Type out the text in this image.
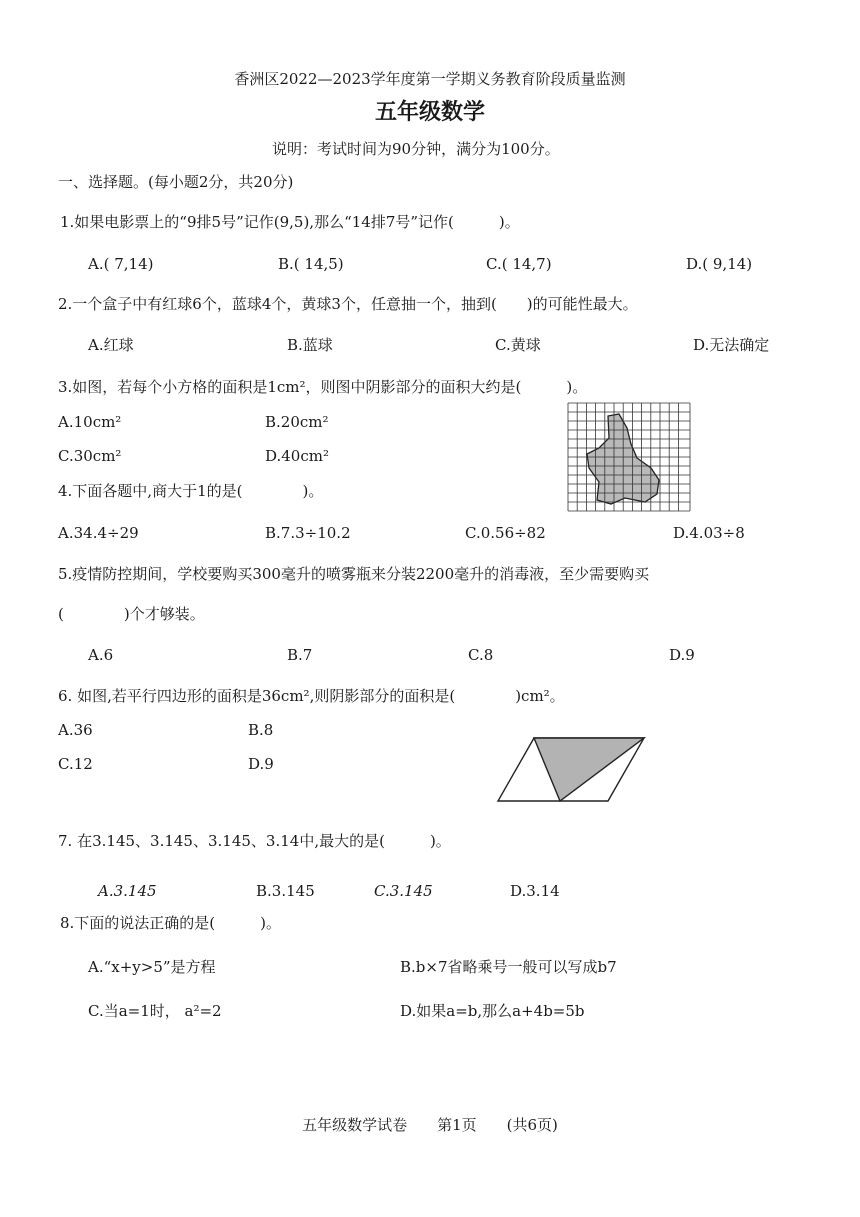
香洲区2022—2023学年度第一学期义务教育阶段质量监测
五年级数学
说明：考试时间为90分钟，满分为100分。
一、选择题。(每小题2分，共20分)
1.如果电影票上的“9排5号”记作(9,5),那么“14排7号”记作(　　　)。
A.( 7,14)	B.( 14,5)	C.( 14,7)	D.( 9,14)
2.一个盒子中有红球6个，蓝球4个，黄球3个，任意抽一个，抽到(　　)的可能性最大。
A.红球	B.蓝球	C.黄球	D.无法确定
3.如图，若每个小方格的面积是1cm²，则图中阴影部分的面积大约是(　　　)。
A.10cm²	B.20cm²
C.30cm²	D.40cm²
4.下面各题中,商大于1的是(　　　　)。
A.34.4÷29	B.7.3÷10.2	C.0.56÷82	D.4.03÷8
5.疫情防控期间，学校要购买300毫升的喷雾瓶来分装2200毫升的消毒液，至少需要购买
(　　　　)个才够装。
A.6	B.7	C.8	D.9
6. 如图,若平行四边形的面积是36cm²,则阴影部分的面积是(　　　　)cm²。
A.36	B.8
C.12	D.9
7. 在3.145、3.145、3.145、3.14中,最大的是(　　　)。
A.3.145	B.3.145	C.3.145	D.3.14
8.下面的说法正确的是(　　　)。
A.“x+y>5”是方程	B.b×7省略乘号一般可以写成b7
C.当a=1时， a²=2	D.如果a=b,那么a+4b=5b
五年级数学试卷　　第1页　　(共6页)
